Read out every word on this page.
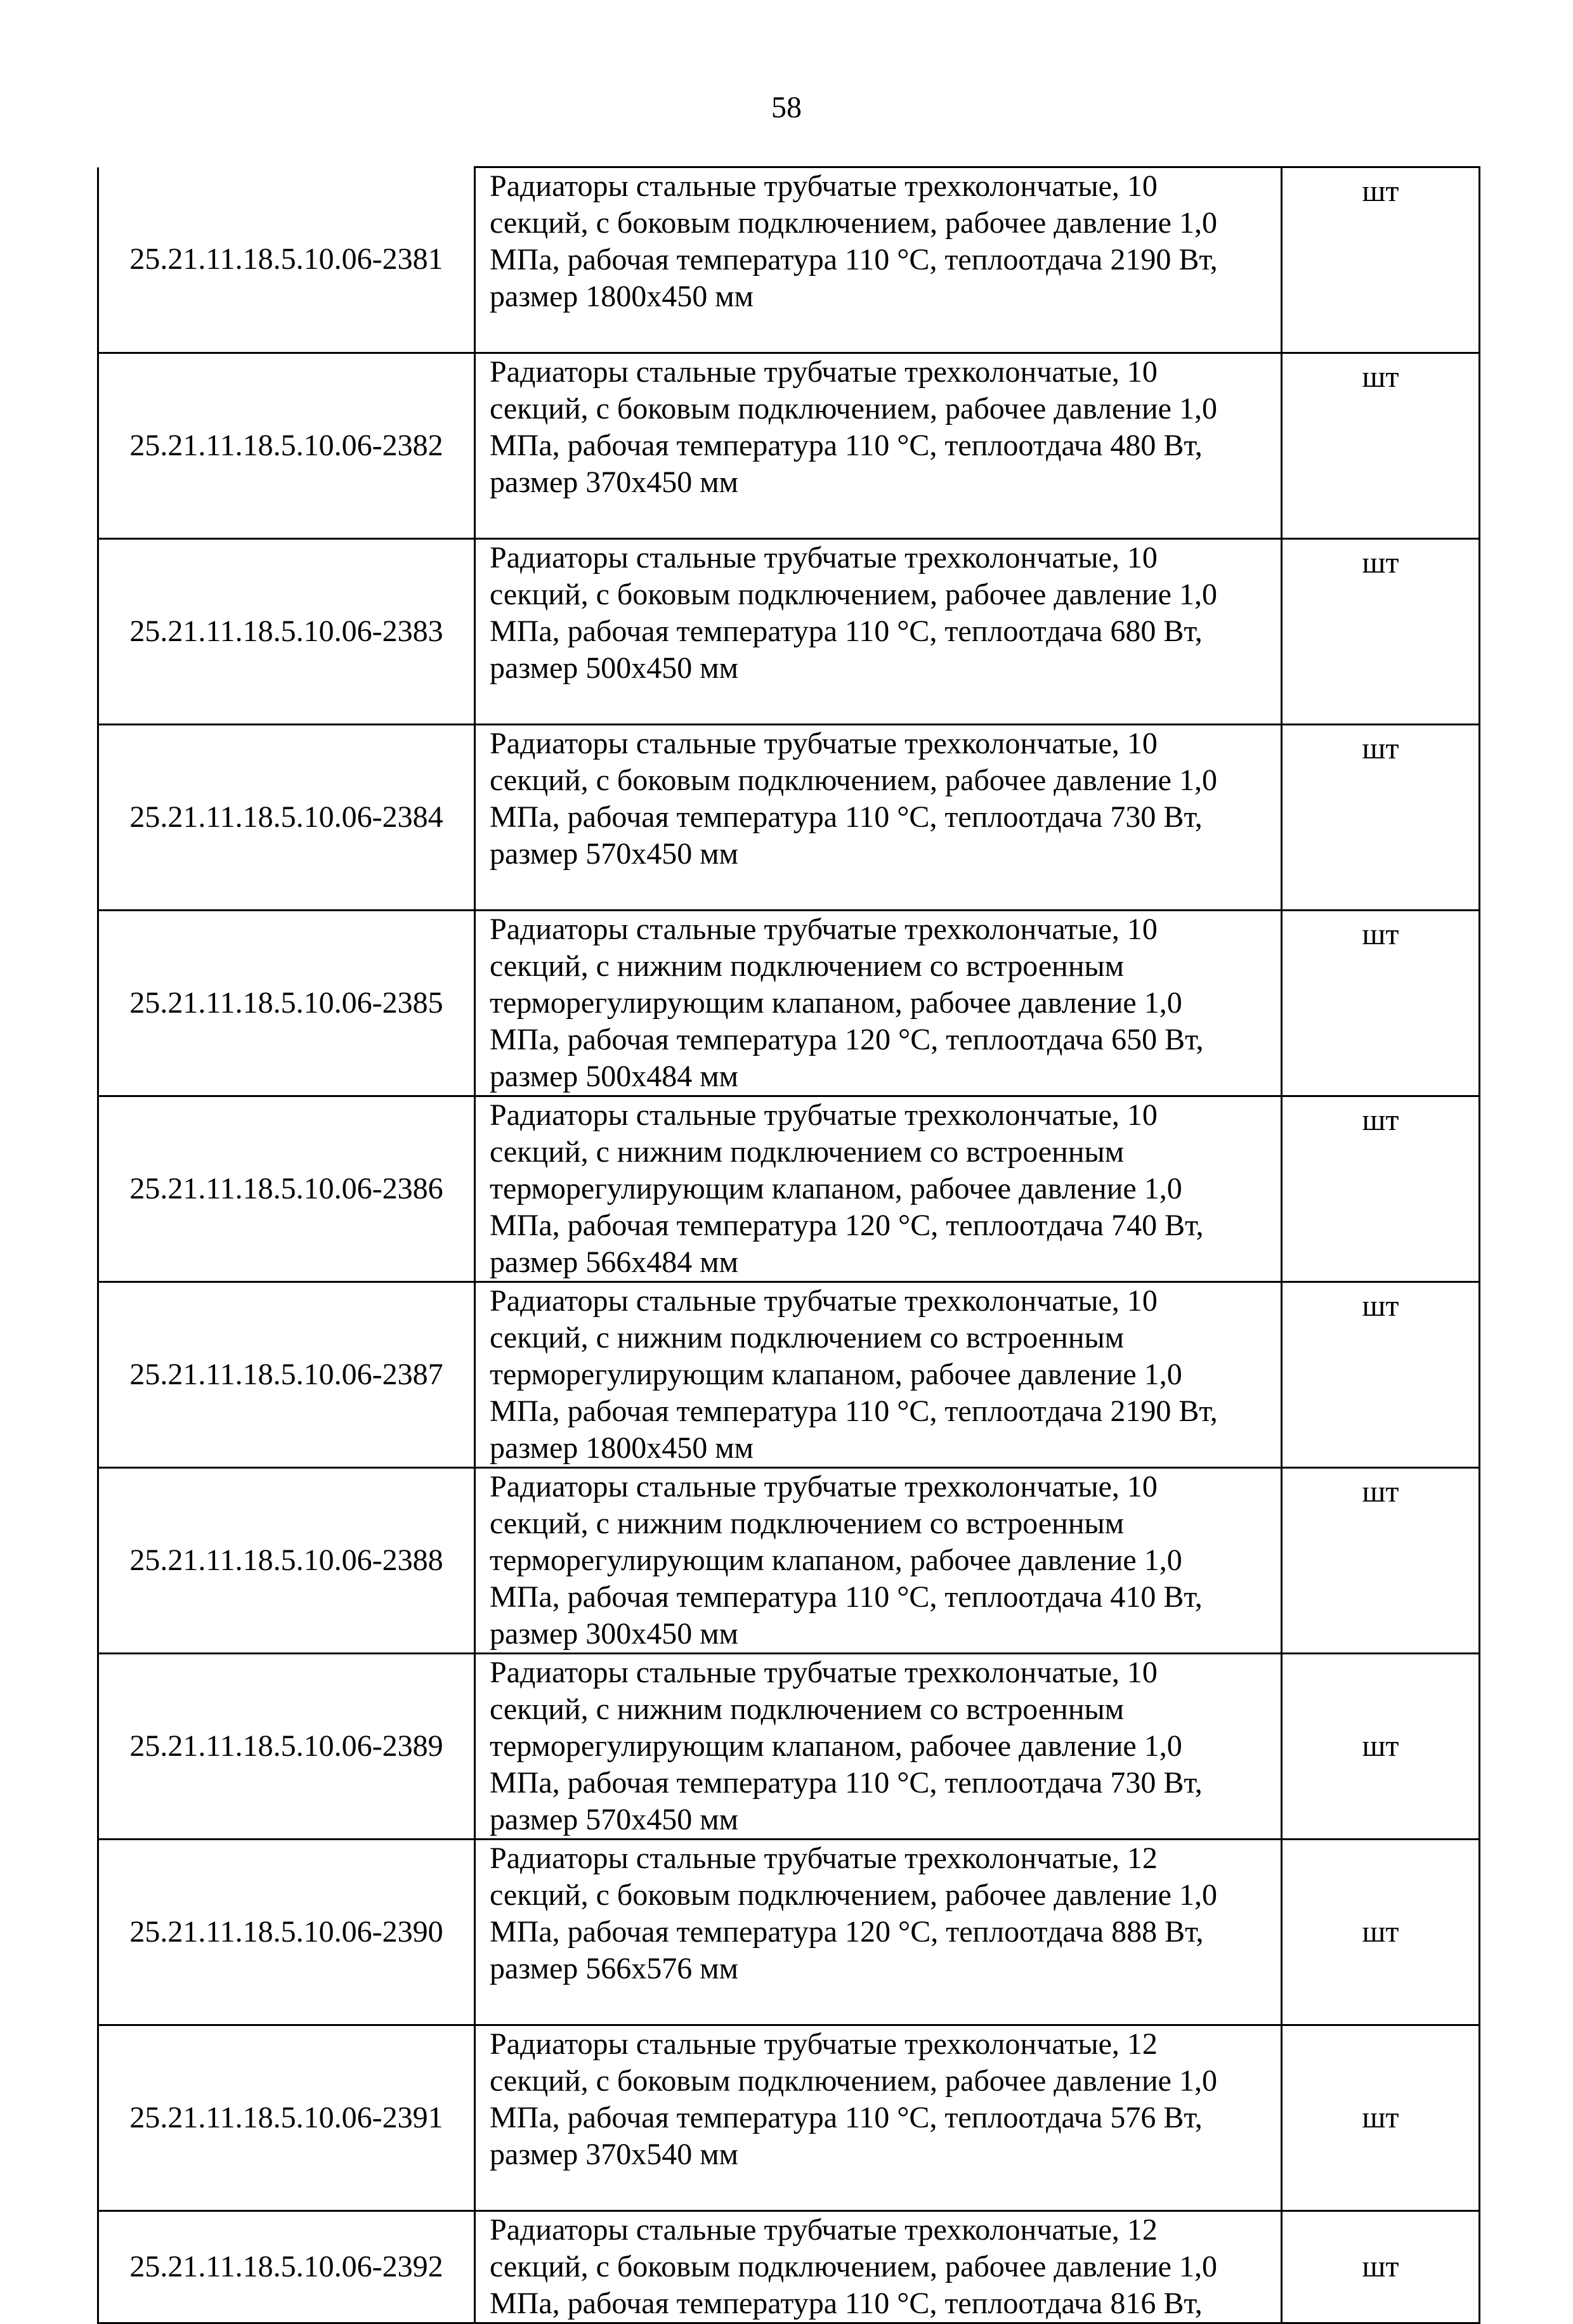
58
25.21.11.18.5.10.06-2381	Радиаторы стальные трубчатые трехколончатые, 10
секций, с боковым подключением, рабочее давление 1,0
МПа, рабочая температура 110 °С, теплоотдача 2190 Вт,
размер 1800х450 мм	шт
25.21.11.18.5.10.06-2382	Радиаторы стальные трубчатые трехколончатые, 10
секций, с боковым подключением, рабочее давление 1,0
МПа, рабочая температура 110 °С, теплоотдача 480 Вт,
размер 370х450 мм	шт
25.21.11.18.5.10.06-2383	Радиаторы стальные трубчатые трехколончатые, 10
секций, с боковым подключением, рабочее давление 1,0
МПа, рабочая температура 110 °С, теплоотдача 680 Вт,
размер 500х450 мм	шт
25.21.11.18.5.10.06-2384	Радиаторы стальные трубчатые трехколончатые, 10
секций, с боковым подключением, рабочее давление 1,0
МПа, рабочая температура 110 °С, теплоотдача 730 Вт,
размер 570х450 мм	шт
25.21.11.18.5.10.06-2385	Радиаторы стальные трубчатые трехколончатые, 10
секций, с нижним подключением со встроенным
терморегулирующим клапаном, рабочее давление 1,0
МПа, рабочая температура 120 °С, теплоотдача 650 Вт,
размер 500х484 мм	шт
25.21.11.18.5.10.06-2386	Радиаторы стальные трубчатые трехколончатые, 10
секций, с нижним подключением со встроенным
терморегулирующим клапаном, рабочее давление 1,0
МПа, рабочая температура 120 °С, теплоотдача 740 Вт,
размер 566х484 мм	шт
25.21.11.18.5.10.06-2387	Радиаторы стальные трубчатые трехколончатые, 10
секций, с нижним подключением со встроенным
терморегулирующим клапаном, рабочее давление 1,0
МПа, рабочая температура 110 °С, теплоотдача 2190 Вт,
размер 1800х450 мм	шт
25.21.11.18.5.10.06-2388	Радиаторы стальные трубчатые трехколончатые, 10
секций, с нижним подключением со встроенным
терморегулирующим клапаном, рабочее давление 1,0
МПа, рабочая температура 110 °С, теплоотдача 410 Вт,
размер 300х450 мм	шт
25.21.11.18.5.10.06-2389	Радиаторы стальные трубчатые трехколончатые, 10
секций, с нижним подключением со встроенным
терморегулирующим клапаном, рабочее давление 1,0
МПа, рабочая температура 110 °С, теплоотдача 730 Вт,
размер 570х450 мм	шт
25.21.11.18.5.10.06-2390	Радиаторы стальные трубчатые трехколончатые, 12
секций, с боковым подключением, рабочее давление 1,0
МПа, рабочая температура 120 °С, теплоотдача 888 Вт,
размер 566х576 мм	шт
25.21.11.18.5.10.06-2391	Радиаторы стальные трубчатые трехколончатые, 12
секций, с боковым подключением, рабочее давление 1,0
МПа, рабочая температура 110 °С, теплоотдача 576 Вт,
размер 370х540 мм	шт
25.21.11.18.5.10.06-2392	Радиаторы стальные трубчатые трехколончатые, 12
секций, с боковым подключением, рабочее давление 1,0
МПа, рабочая температура 110 °С, теплоотдача 816 Вт,	шт
